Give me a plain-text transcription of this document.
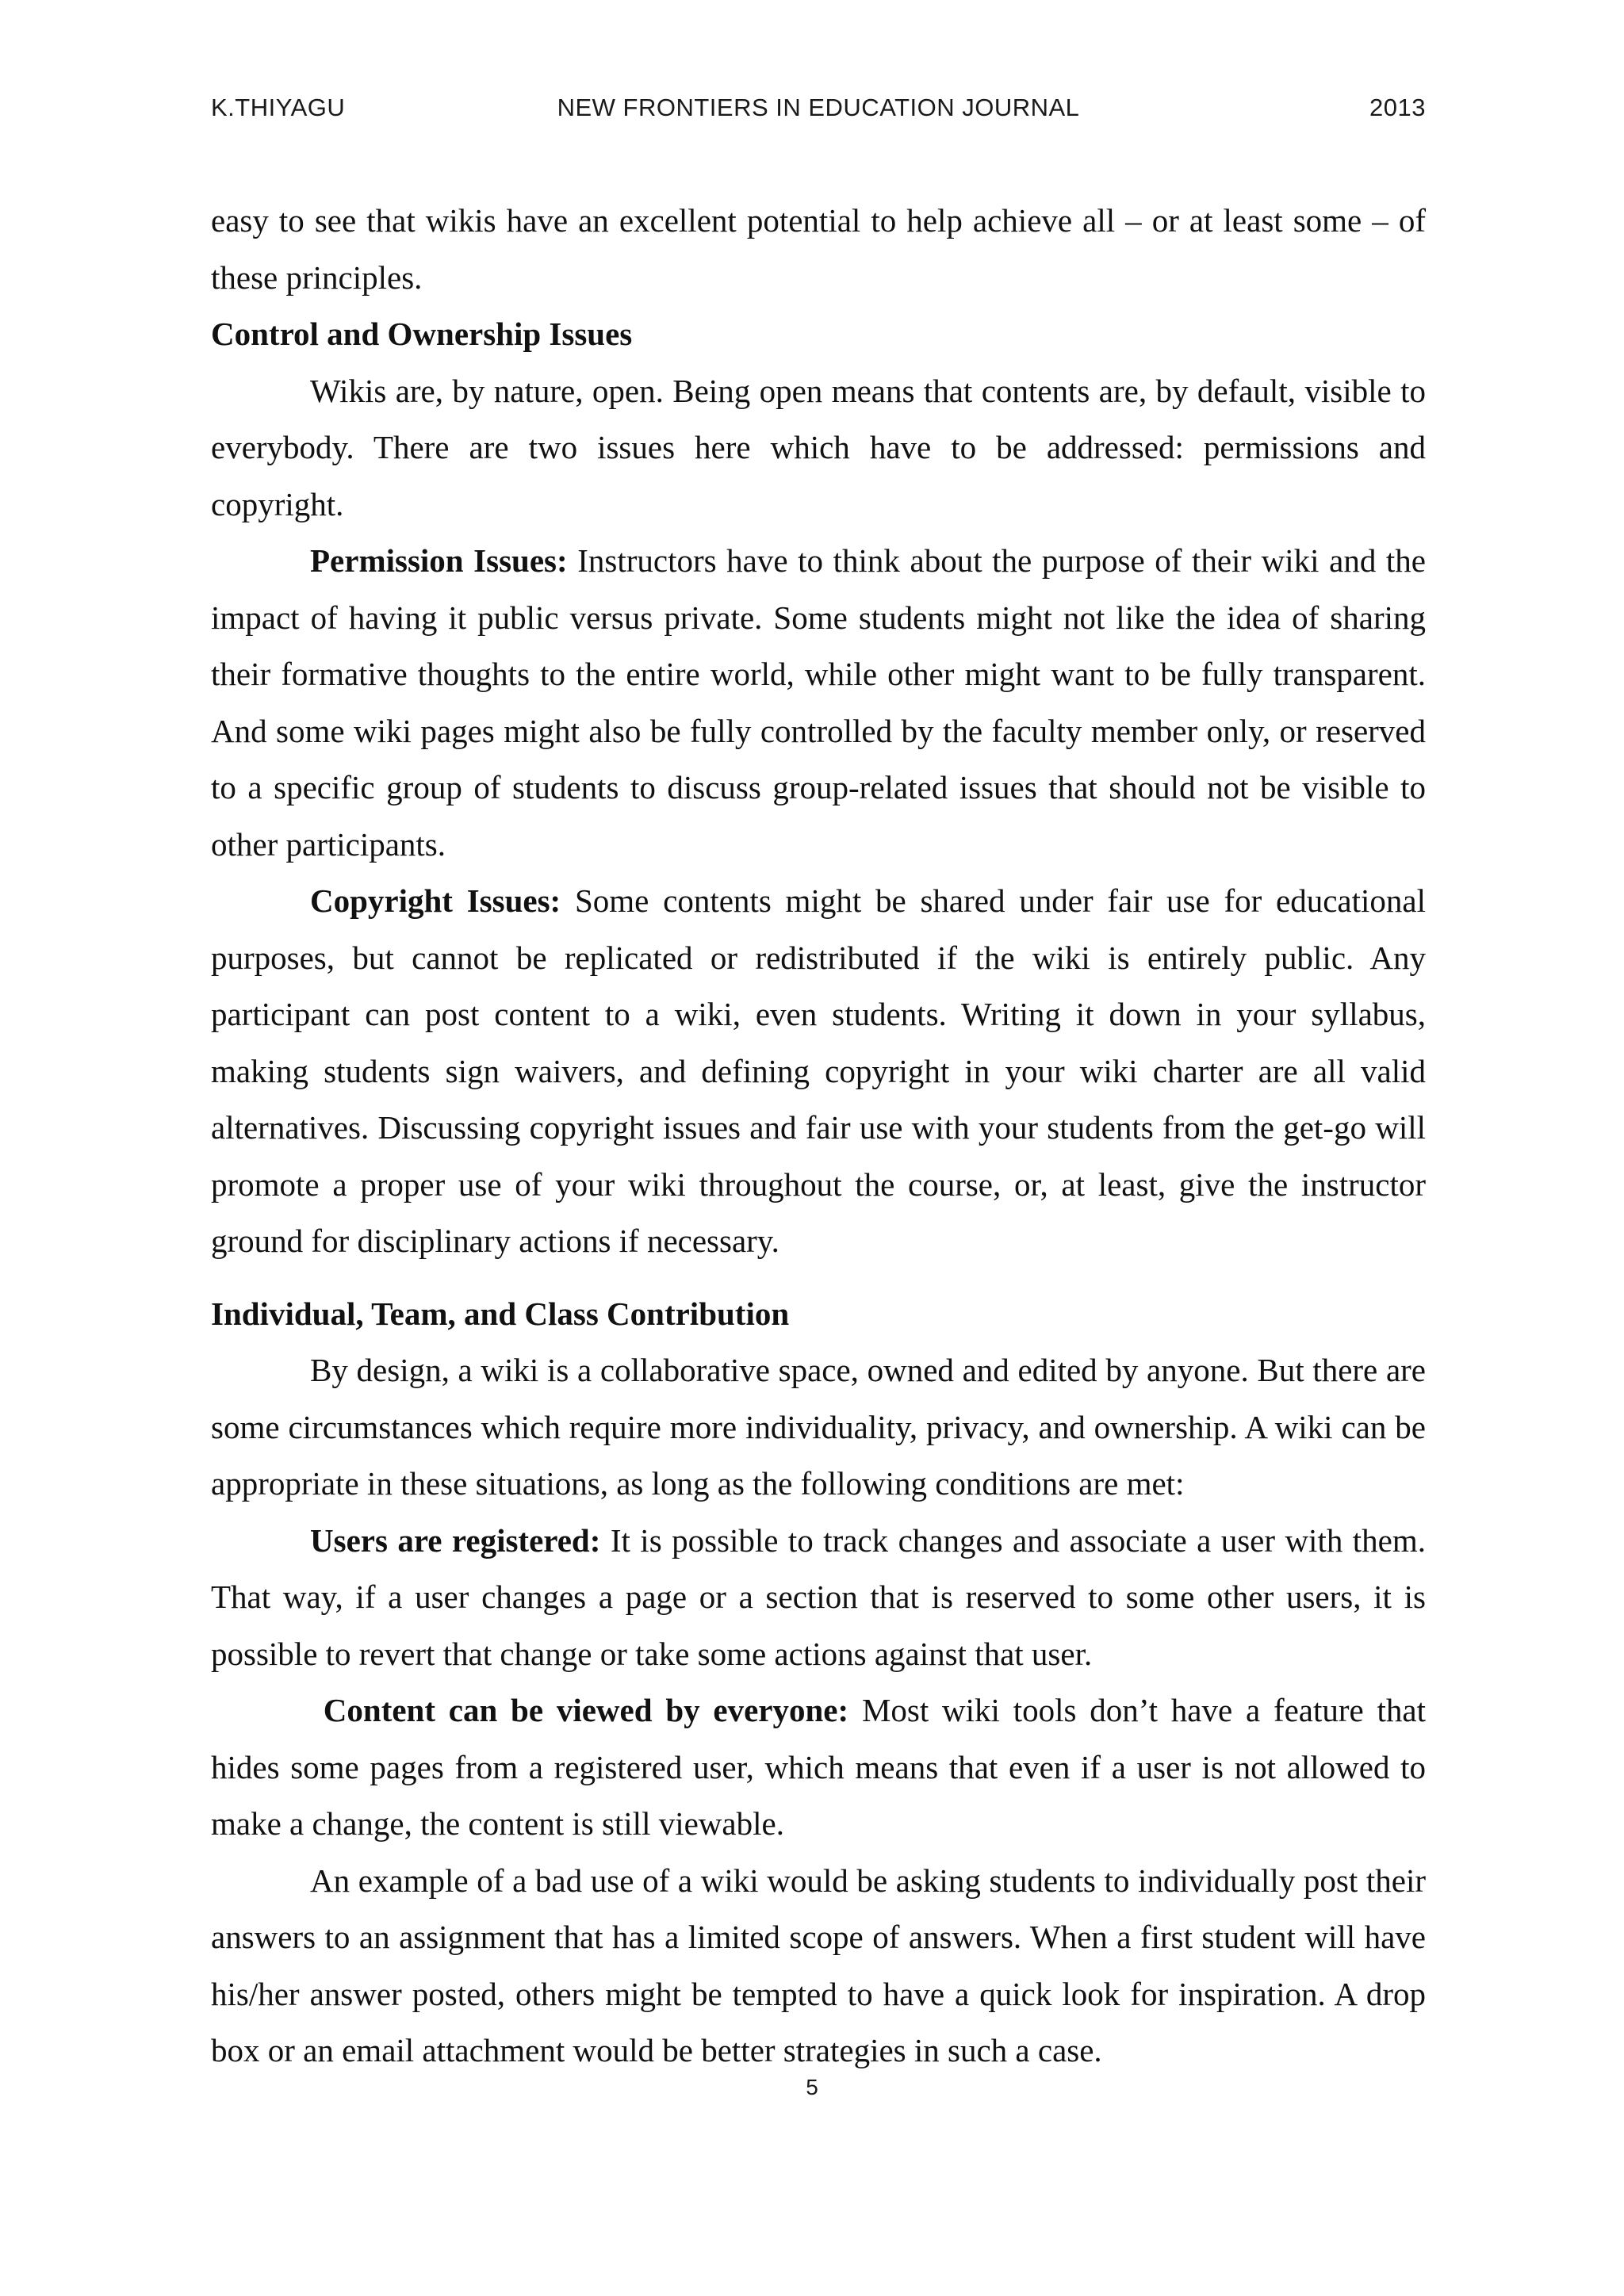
K.THIYAGU	NEW FRONTIERS IN EDUCATION JOURNAL	2013

easy to see that wikis have an excellent potential to help achieve all – or at least some – of these principles.

Control and Ownership Issues

Wikis are, by nature, open. Being open means that contents are, by default, visible to everybody. There are two issues here which have to be addressed: permissions and copyright.

Permission Issues: Instructors have to think about the purpose of their wiki and the impact of having it public versus private. Some students might not like the idea of sharing their formative thoughts to the entire world, while other might want to be fully transparent. And some wiki pages might also be fully controlled by the faculty member only, or reserved to a specific group of students to discuss group-related issues that should not be visible to other participants.

Copyright Issues: Some contents might be shared under fair use for educational purposes, but cannot be replicated or redistributed if the wiki is entirely public. Any participant can post content to a wiki, even students. Writing it down in your syllabus, making students sign waivers, and defining copyright in your wiki charter are all valid alternatives. Discussing copyright issues and fair use with your students from the get-go will promote a proper use of your wiki throughout the course, or, at least, give the instructor ground for disciplinary actions if necessary.

Individual, Team, and Class Contribution

By design, a wiki is a collaborative space, owned and edited by anyone. But there are some circumstances which require more individuality, privacy, and ownership. A wiki can be appropriate in these situations, as long as the following conditions are met:

Users are registered: It is possible to track changes and associate a user with them. That way, if a user changes a page or a section that is reserved to some other users, it is possible to revert that change or take some actions against that user.

Content can be viewed by everyone: Most wiki tools don’t have a feature that hides some pages from a registered user, which means that even if a user is not allowed to make a change, the content is still viewable.

An example of a bad use of a wiki would be asking students to individually post their answers to an assignment that has a limited scope of answers. When a first student will have his/her answer posted, others might be tempted to have a quick look for inspiration. A drop box or an email attachment would be better strategies in such a case.

5
